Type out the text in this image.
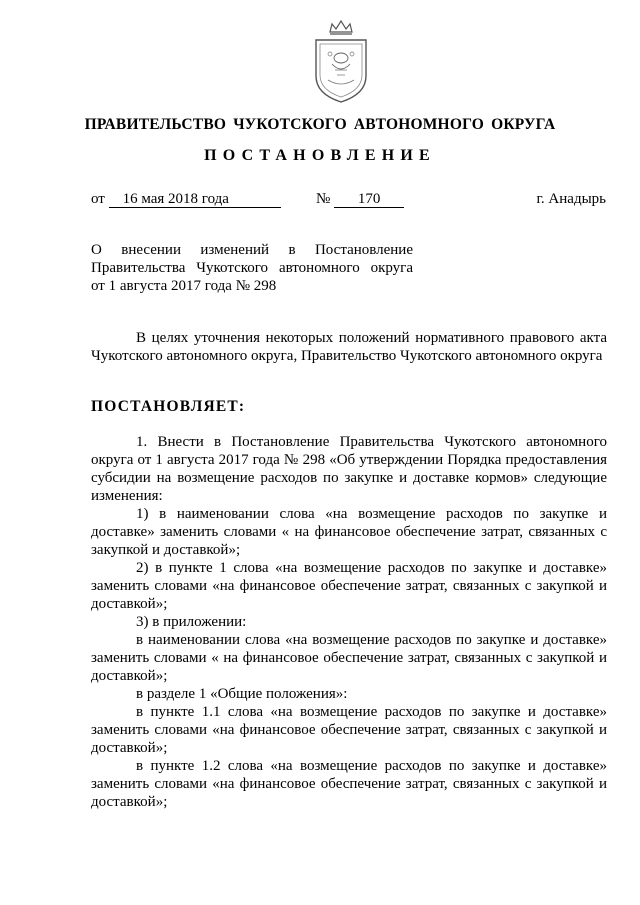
ПРАВИТЕЛЬСТВО ЧУКОТСКОГО АВТОНОМНОГО ОКРУГА
ПОСТАНОВЛЕНИЕ
от 16 мая 2018 года	№ 170	г. Анадырь
О внесении изменений в Постановление
Правительства Чукотского автономного округа
от 1 августа 2017 года № 298

В целях уточнения некоторых положений нормативного правового акта Чукотского автономного округа, Правительство Чукотского автономного округа

ПОСТАНОВЛЯЕТ:

1. Внести в Постановление Правительства Чукотского автономного округа от 1 августа 2017 года № 298 «Об утверждении Порядка предоставления субсидии на возмещение расходов по закупке и доставке кормов» следующие изменения:

1) в наименовании слова «на возмещение расходов по закупке и доставке» заменить словами « на финансовое обеспечение затрат, связанных с закупкой и доставкой»;

2) в пункте 1 слова «на возмещение расходов по закупке и доставке» заменить словами «на финансовое обеспечение затрат, связанных с закупкой и доставкой»;

3) в приложении:

в наименовании слова «на возмещение расходов по закупке и доставке» заменить словами « на финансовое обеспечение затрат, связанных с закупкой и доставкой»;

в разделе 1 «Общие положения»:

в пункте 1.1 слова «на возмещение расходов по закупке и доставке» заменить словами «на финансовое обеспечение затрат, связанных с закупкой и доставкой»;

в пункте 1.2 слова «на возмещение расходов по закупке и доставке» заменить словами «на финансовое обеспечение затрат, связанных с закупкой и доставкой»;
